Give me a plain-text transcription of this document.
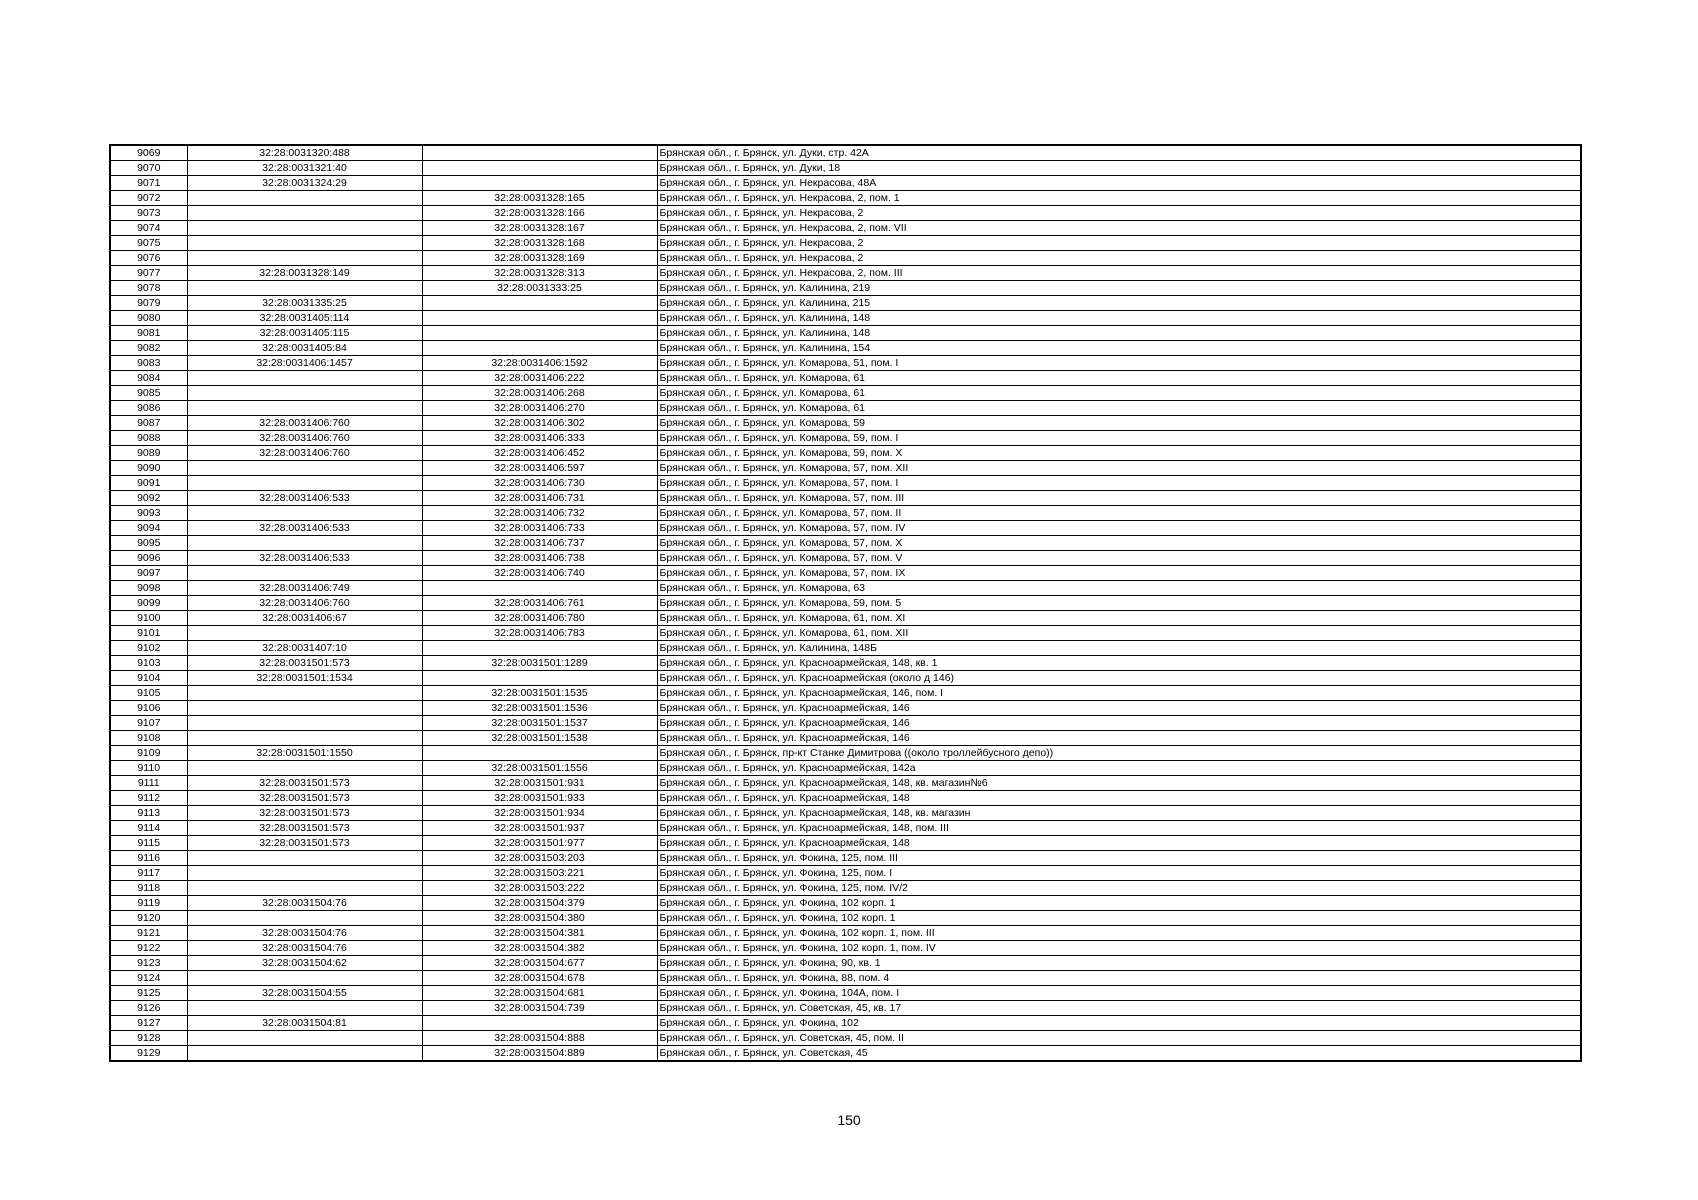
9069	32:28:0031320:488		Брянская обл., г. Брянск, ул. Дуки, стр. 42А
9070	32:28:0031321:40		Брянская обл., г. Брянск, ул. Дуки, 18
9071	32:28:0031324:29		Брянская обл., г. Брянск, ул. Некрасова, 48А
9072		32:28:0031328:165	Брянская обл., г. Брянск, ул. Некрасова, 2, пом. 1
9073		32:28:0031328:166	Брянская обл., г. Брянск, ул. Некрасова, 2
9074		32:28:0031328:167	Брянская обл., г. Брянск, ул. Некрасова, 2, пом. VII
9075		32:28:0031328:168	Брянская обл., г. Брянск, ул. Некрасова, 2
9076		32:28:0031328:169	Брянская обл., г. Брянск, ул. Некрасова, 2
9077	32:28:0031328:149	32:28:0031328:313	Брянская обл., г. Брянск, ул. Некрасова, 2, пом. III
9078		32:28:0031333:25	Брянская обл., г. Брянск, ул. Калинина, 219
9079	32:28:0031335:25		Брянская обл., г. Брянск, ул. Калинина, 215
9080	32:28:0031405:114		Брянская обл., г. Брянск, ул. Калинина, 148
9081	32:28:0031405:115		Брянская обл., г. Брянск, ул. Калинина, 148
9082	32:28:0031405:84		Брянская обл., г. Брянск, ул. Калинина, 154
9083	32:28:0031406:1457	32:28:0031406:1592	Брянская обл., г. Брянск, ул. Комарова, 51, пом. I
9084		32:28:0031406:222	Брянская обл., г. Брянск, ул. Комарова, 61
9085		32:28:0031406:268	Брянская обл., г. Брянск, ул. Комарова, 61
9086		32:28:0031406:270	Брянская обл., г. Брянск, ул. Комарова, 61
9087	32:28:0031406:760	32:28:0031406:302	Брянская обл., г. Брянск, ул. Комарова, 59
9088	32:28:0031406:760	32:28:0031406:333	Брянская обл., г. Брянск, ул. Комарова, 59, пом. I
9089	32:28:0031406:760	32:28:0031406:452	Брянская обл., г. Брянск, ул. Комарова, 59, пом. X
9090		32:28:0031406:597	Брянская обл., г. Брянск, ул. Комарова, 57, пом. XII
9091		32:28:0031406:730	Брянская обл., г. Брянск, ул. Комарова, 57, пом. I
9092	32:28:0031406:533	32:28:0031406:731	Брянская обл., г. Брянск, ул. Комарова, 57, пом. III
9093		32:28:0031406:732	Брянская обл., г. Брянск, ул. Комарова, 57, пом. II
9094	32:28:0031406:533	32:28:0031406:733	Брянская обл., г. Брянск, ул. Комарова, 57, пом. IV
9095		32:28:0031406:737	Брянская обл., г. Брянск, ул. Комарова, 57, пом. X
9096	32:28:0031406:533	32:28:0031406:738	Брянская обл., г. Брянск, ул. Комарова, 57, пом. V
9097		32:28:0031406:740	Брянская обл., г. Брянск, ул. Комарова, 57, пом. IX
9098	32:28:0031406:749		Брянская обл., г. Брянск, ул. Комарова, 63
9099	32:28:0031406:760	32:28:0031406:761	Брянская обл., г. Брянск, ул. Комарова, 59, пом. 5
9100	32:28:0031406:67	32:28:0031406:780	Брянская обл., г. Брянск, ул. Комарова, 61, пом. XI
9101		32:28:0031406:783	Брянская обл., г. Брянск, ул. Комарова, 61, пом. XII
9102	32:28:0031407:10		Брянская обл., г. Брянск, ул. Калинина, 148Б
9103	32:28:0031501:573	32:28:0031501:1289	Брянская обл., г. Брянск, ул. Красноармейская, 148, кв. 1
9104	32:28:0031501:1534		Брянская обл., г. Брянск, ул. Красноармейская (около д 146)
9105		32:28:0031501:1535	Брянская обл., г. Брянск, ул. Красноармейская, 146, пом. I
9106		32:28:0031501:1536	Брянская обл., г. Брянск, ул. Красноармейская, 146
9107		32:28:0031501:1537	Брянская обл., г. Брянск, ул. Красноармейская, 146
9108		32:28:0031501:1538	Брянская обл., г. Брянск, ул. Красноармейская, 146
9109	32:28:0031501:1550		Брянская обл., г. Брянск, пр-кт Станке Димитрова ((около троллейбусного депо))
9110		32:28:0031501:1556	Брянская обл., г. Брянск, ул. Красноармейская, 142а
9111	32:28:0031501:573	32:28:0031501:931	Брянская обл., г. Брянск, ул. Красноармейская, 148, кв. магазин№6
9112	32:28:0031501:573	32:28:0031501:933	Брянская обл., г. Брянск, ул. Красноармейская, 148
9113	32:28:0031501:573	32:28:0031501:934	Брянская обл., г. Брянск, ул. Красноармейская, 148, кв. магазин
9114	32:28:0031501:573	32:28:0031501:937	Брянская обл., г. Брянск, ул. Красноармейская, 148, пом. III
9115	32:28:0031501:573	32:28:0031501:977	Брянская обл., г. Брянск, ул. Красноармейская, 148
9116		32:28:0031503:203	Брянская обл., г. Брянск, ул. Фокина, 125, пом. III
9117		32:28:0031503:221	Брянская обл., г. Брянск, ул. Фокина, 125, пом. I
9118		32:28:0031503:222	Брянская обл., г. Брянск, ул. Фокина, 125, пом. IV/2
9119	32:28:0031504:76	32:28:0031504:379	Брянская обл., г. Брянск, ул. Фокина, 102 корп. 1
9120		32:28:0031504:380	Брянская обл., г. Брянск, ул. Фокина, 102 корп. 1
9121	32:28:0031504:76	32:28:0031504:381	Брянская обл., г. Брянск, ул. Фокина, 102 корп. 1, пом. III
9122	32:28:0031504:76	32:28:0031504:382	Брянская обл., г. Брянск, ул. Фокина, 102 корп. 1, пом. IV
9123	32:28:0031504:62	32:28:0031504:677	Брянская обл., г. Брянск, ул. Фокина, 90, кв. 1
9124		32:28:0031504:678	Брянская обл., г. Брянск, ул. Фокина, 88, пом. 4
9125	32:28:0031504:55	32:28:0031504:681	Брянская обл., г. Брянск, ул. Фокина, 104А, пом. I
9126		32:28:0031504:739	Брянская обл., г. Брянск, ул. Советская, 45, кв. 17
9127	32:28:0031504:81		Брянская обл., г. Брянск, ул. Фокина, 102
9128		32:28:0031504:888	Брянская обл., г. Брянск, ул. Советская, 45, пом. II
9129		32:28:0031504:889	Брянская обл., г. Брянск, ул. Советская, 45
150
